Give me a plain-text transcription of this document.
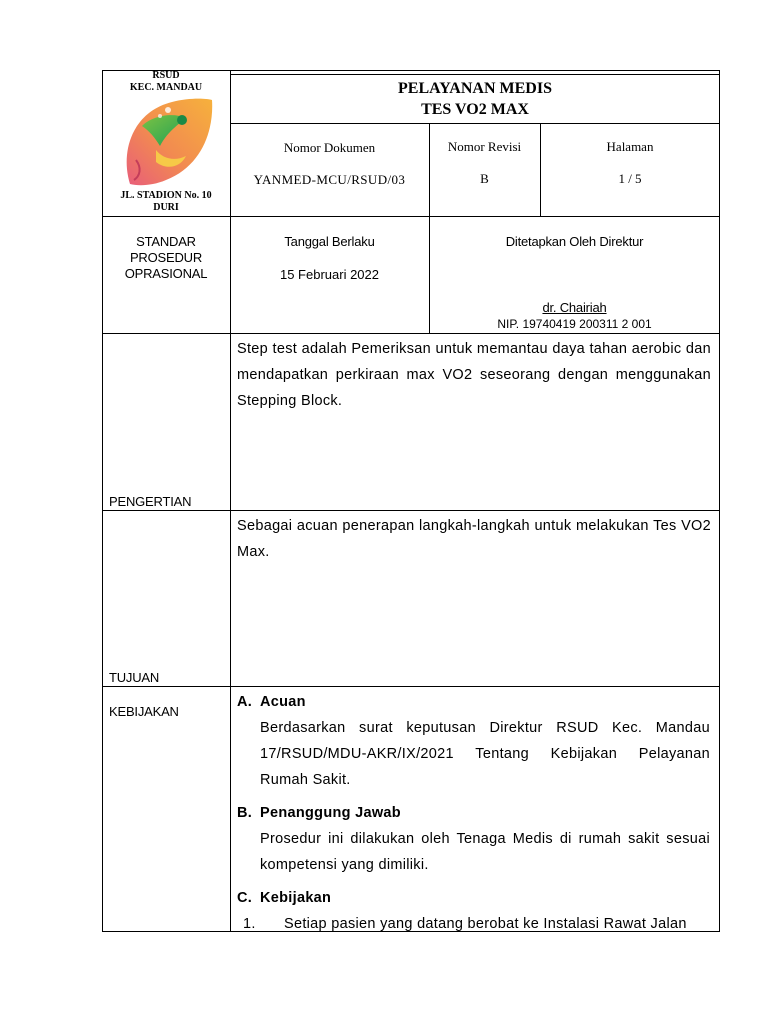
RSUD
KEC. MANDAU
JL. STADION No. 10
DURI
PELAYANAN MEDIS
TES VO2 MAX
Nomor Dokumen
YANMED-MCU/RSUD/03
Nomor Revisi
B
Halaman
1 / 5
STANDAR
PROSEDUR
OPRASIONAL
Tanggal Berlaku
15 Februari 2022
Ditetapkan Oleh Direktur
dr. Chairiah
NIP. 19740419 200311 2 001
PENGERTIAN
Step test adalah Pemeriksan untuk memantau daya tahan aerobic dan mendapatkan perkiraan max VO2 seseorang dengan menggunakan Stepping Block.
TUJUAN
Sebagai acuan penerapan langkah-langkah untuk melakukan Tes VO2 Max.
KEBIJAKAN
A. Acuan
Berdasarkan surat keputusan Direktur RSUD Kec. Mandau 17/RSUD/MDU-AKR/IX/2021 Tentang Kebijakan Pelayanan Rumah Sakit.
B. Penanggung Jawab
Prosedur ini dilakukan oleh Tenaga Medis di rumah sakit sesuai kompetensi yang dimiliki.
C. Kebijakan
1. Setiap pasien yang datang berobat ke Instalasi Rawat Jalan
